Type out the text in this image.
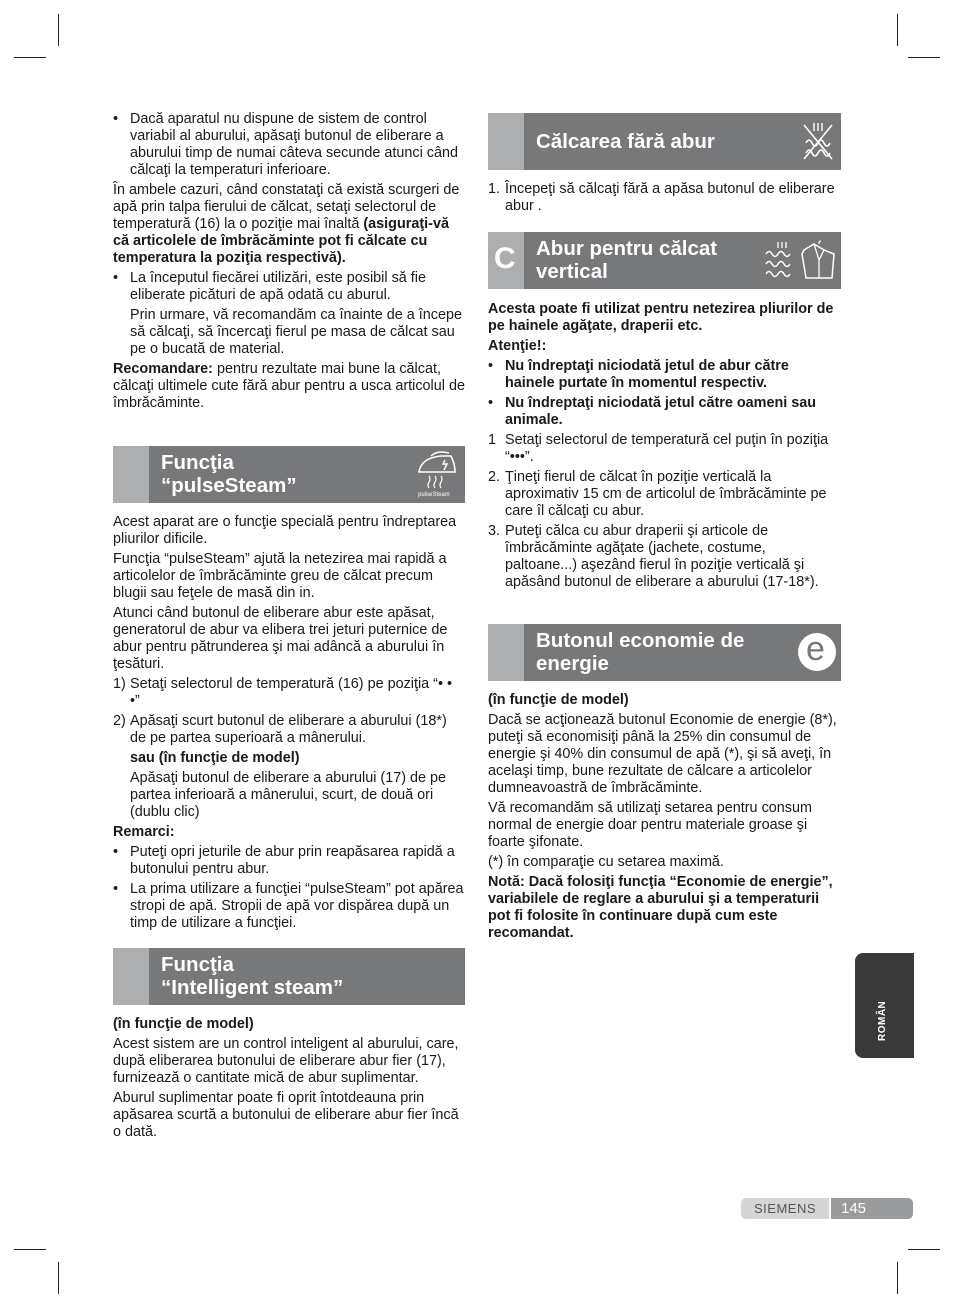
• Dacă aparatul nu dispune de sistem de control variabil al aburului, apăsaţi butonul de eliberare a aburului timp de numai câteva secunde atunci când călcaţi la temperaturi inferioare.

În ambele cazuri, când constataţi că există scurgeri de apă prin talpa fierului de călcat, setaţi selectorul de temperatură (16) la o poziţie mai înaltă (asiguraţi-vă că articolele de îmbrăcăminte pot fi călcate cu temperatura la poziţia respectivă).

• La începutul fiecărei utilizări, este posibil să fie eliberate picături de apă odată cu aburul.

Prin urmare, vă recomandăm ca înainte de a începe să călcaţi, să încercaţi fierul pe masa de călcat sau pe o bucată de material.

Recomandare: pentru rezultate mai bune la călcat, călcaţi ultimele cute fără abur pentru a usca articolul de îmbrăcăminte.

Funcţia
“pulseSteam”	pulseSteam

Acest aparat are o funcţie specială pentru îndreptarea pliurilor dificile.

Funcţia “pulseSteam” ajută la netezirea mai rapidă a articolelor de îmbrăcăminte greu de călcat precum blugii sau feţele de masă din in.

Atunci când butonul de eliberare abur este apăsat, generatorul de abur va elibera trei jeturi puternice de abur pentru pătrunderea şi mai adâncă a aburului în ţesături.

1) Setaţi selectorul de temperatură (16) pe poziţia “• • •”
2) Apăsaţi scurt butonul de eliberare a aburului (18*) de pe partea superioară a mânerului.

sau (în funcţie de model)

Apăsaţi butonul de eliberare a aburului (17) de pe partea inferioară a mânerului, scurt, de două ori (dublu clic)

Remarci:

• Puteţi opri jeturile de abur prin reapăsarea rapidă a butonului pentru abur.
• La prima utilizare a funcţiei “pulseSteam” pot apărea stropi de apă. Stropii de apă vor dispărea după un timp de utilizare a funcţiei.
Funcţia
“Intelligent steam”

(în funcţie de model)

Acest sistem are un control inteligent al aburului, care, după eliberarea butonului de eliberare abur fier (17), furnizează o cantitate mică de abur suplimentar.

Aburul suplimentar poate fi oprit întotdeauna prin apăsarea scurtă a butonului de eliberare abur fier încă o dată.

Călcarea fără abur
1. Începeţi să călcaţi fără a apăsa butonul de eliberare abur .
C Abur pentru călcat
vertical

Acesta poate fi utilizat pentru netezirea pliurilor de pe hainele agăţate, draperii etc.

Atenţie!:

• Nu îndreptaţi niciodată jetul de abur către hainele purtate în momentul respectiv.
• Nu îndreptaţi niciodată jetul către oameni sau animale.
1 Setaţi selectorul de temperatură cel puţin în poziţia “•••”.
2. Ţineţi fierul de călcat în poziţie verticală la aproximativ 15 cm de articolul de îmbrăcăminte pe care îl călcaţi cu abur.
3. Puteţi călca cu abur draperii şi articole de îmbrăcăminte agăţate (jachete, costume, paltoane...) aşezând fierul în poziţie verticală şi apăsând butonul de eliberare a aburului (17-18*).
Butonul economie de
energie	e

(în funcţie de model)

Dacă se acţionează butonul Economie de energie (8*), puteţi să economisiţi până la 25% din consumul de energie şi 40% din consumul de apă (*), şi să aveţi, în acelaşi timp, bune rezultate de călcare a articolelor dumneavoastră de îmbrăcăminte.

Vă recomandăm să utilizaţi setarea pentru consum normal de energie doar pentru materiale groase şi foarte şifonate.

(*) în comparaţie cu setarea maximă.

Notă: Dacă folosiţi funcţia “Economie de energie”, variabilele de reglare a aburului şi a temperaturii pot fi folosite în continuare după cum este recomandat.

ROMÂN
SIEMENS	145
